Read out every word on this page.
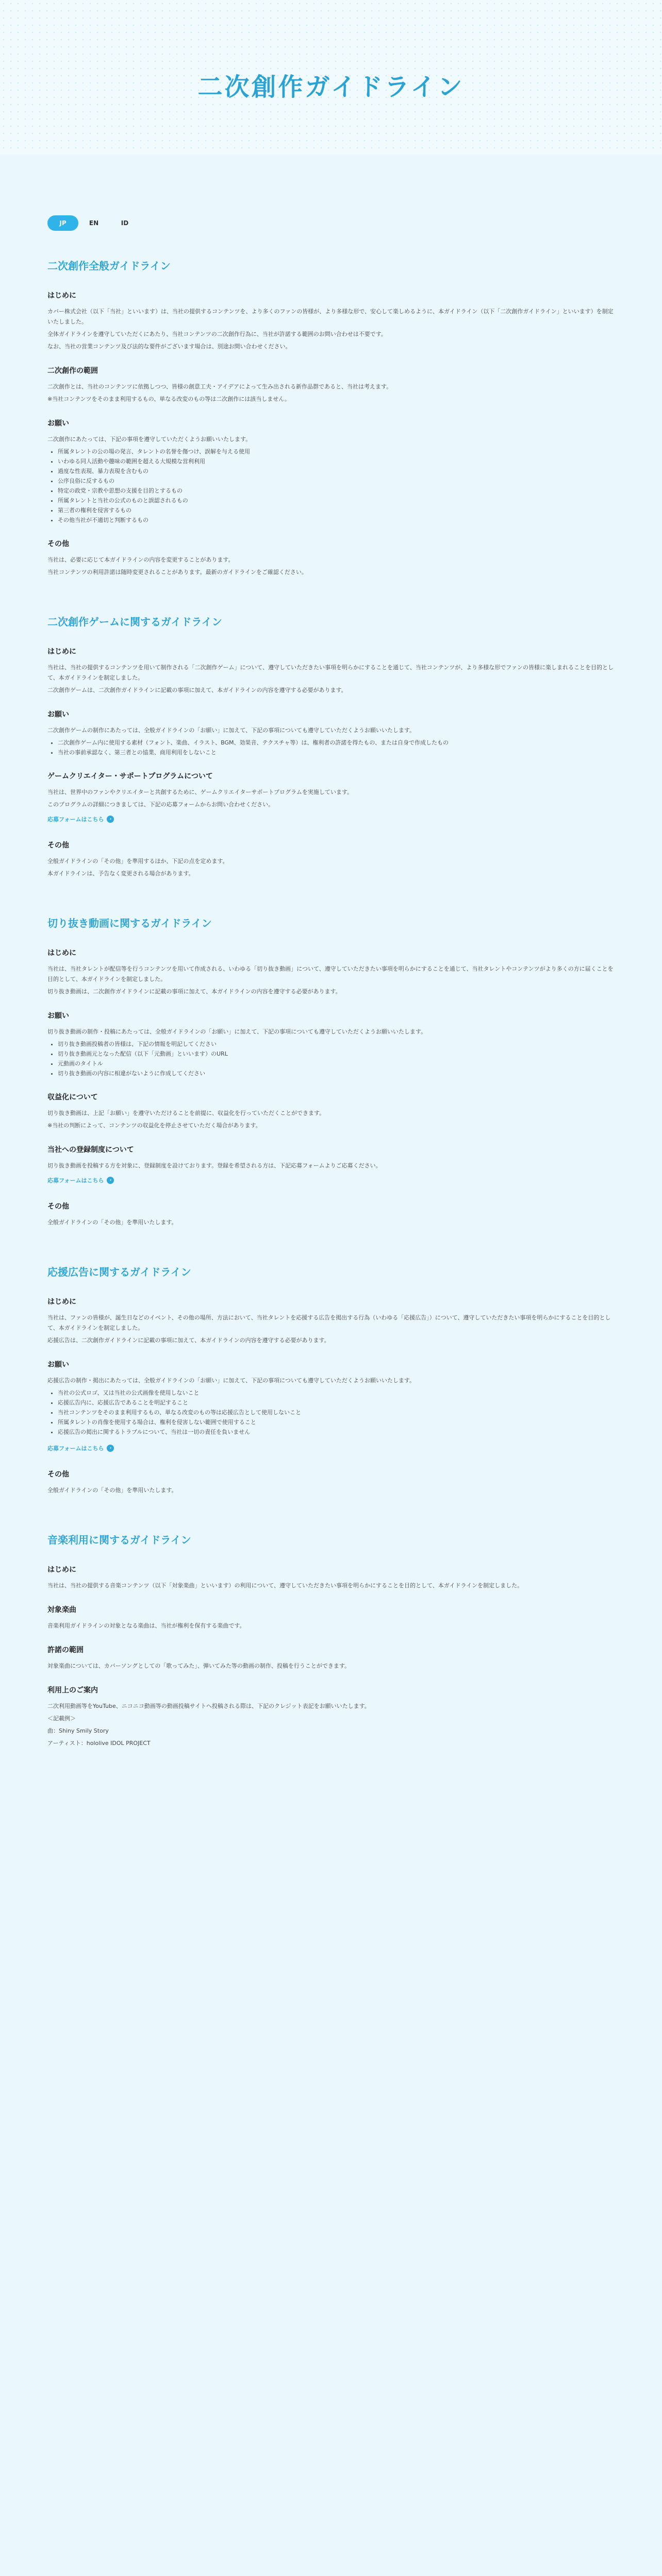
二次創作ガイドライン
JP	EN	ID
二次創作全般ガイドライン
はじめに
カバー株式会社（以下「当社」といいます）は、当社の提供するコンテンツを、より多くのファンの皆様が、より多様な形で、安心して楽しめるように、本ガイドライン（以下「二次創作ガイドライン」といいます）を制定いたしました。
全体ガイドラインを遵守していただくにあたり、当社コンテンツの二次創作行為に、当社が許諾する範囲のお問い合わせは不要です。
なお、当社の営業コンテンツ及び法的な要件がございます場合は、別途お問い合わせください。
二次創作の範囲
二次創作とは、当社のコンテンツに依拠しつつ、皆様の創意工夫・アイデアによって生み出される新作品群であると、当社は考えます。
※当社コンテンツをそのまま利用するもの、単なる改変のもの等は二次創作には該当しません。
お願い
二次創作にあたっては、下記の事項を遵守していただくようお願いいたします。
• 所属タレントの公の場の発言、タレントの名誉を傷つけ、誤解を与える使用
• いわゆる同人活動や趣味の範囲を超える大規模な営利利用
• 過度な性表現、暴力表現を含むもの
• 公序良俗に反するもの
• 特定の政党・宗教や思想の支援を目的とするもの
• 所属タレントと当社の公式のものと誤認されるもの
• 第三者の権利を侵害するもの
• その他当社が不適切と判断するもの
その他
当社は、必要に応じて本ガイドラインの内容を変更することがあります。
当社コンテンツの利用許諾は随時変更されることがあります。最新のガイドラインをご確認ください。
二次創作ゲームに関するガイドライン
はじめに
当社は、当社の提供するコンテンツを用いて制作される「二次創作ゲーム」について、遵守していただきたい事項を明らかにすることを通じて、当社コンテンツが、より多様な形でファンの皆様に楽しまれることを目的として、本ガイドラインを制定しました。
二次創作ゲームは、二次創作ガイドラインに記載の事項に加えて、本ガイドラインの内容を遵守する必要があります。
お願い
二次創作ゲームの制作にあたっては、全般ガイドラインの「お願い」に加えて、下記の事項についても遵守していただくようお願いいたします。
• 二次創作ゲーム内に使用する素材（フォント、楽曲、イラスト、BGM、効果音、テクスチャ等）は、権利者の許諾を得たもの、または自身で作成したもの
• 当社の事前承認なく、第三者との協業、商用利用をしないこと
ゲームクリエイター・サポートプログラムについて
当社は、世界中のファンやクリエイターと共創するために、ゲームクリエイターサポートプログラムを実施しています。
このプログラムの詳細につきましては、下記の応募フォームからお問い合わせください。
応募フォームはこちら	›
その他
全般ガイドラインの「その他」を準用するほか、下記の点を定めます。
本ガイドラインは、予告なく変更される場合があります。
切り抜き動画に関するガイドライン
はじめに
当社は、当社タレントが配信等を行うコンテンツを用いて作成される、いわゆる「切り抜き動画」について、遵守していただきたい事項を明らかにすることを通じて、当社タレントやコンテンツがより多くの方に届くことを目的として、本ガイドラインを制定しました。
切り抜き動画は、二次創作ガイドラインに記載の事項に加えて、本ガイドラインの内容を遵守する必要があります。
お願い
切り抜き動画の制作・投稿にあたっては、全般ガイドラインの「お願い」に加えて、下記の事項についても遵守していただくようお願いいたします。
• 切り抜き動画投稿者の皆様は、下記の情報を明記してください
• 切り抜き動画元となった配信（以下「元動画」といいます）のURL
• 元動画のタイトル
• 切り抜き動画の内容に相違がないように作成してください
収益化について
切り抜き動画は、上記「お願い」を遵守いただけることを前提に、収益化を行っていただくことができます。
※当社の判断によって、コンテンツの収益化を停止させていただく場合があります。
当社への登録制度について
切り抜き動画を投稿する方を対象に、登録制度を設けております。登録を希望される方は、下記応募フォームよりご応募ください。
応募フォームはこちら	›
その他
全般ガイドラインの「その他」を準用いたします。
応援広告に関するガイドライン
はじめに
当社は、ファンの皆様が、誕生日などのイベント、その他の場所、方法において、当社タレントを応援する広告を掲出する行為（いわゆる「応援広告」）について、遵守していただきたい事項を明らかにすることを目的として、本ガイドラインを制定しました。
応援広告は、二次創作ガイドラインに記載の事項に加えて、本ガイドラインの内容を遵守する必要があります。
お願い
応援広告の制作・掲出にあたっては、全般ガイドラインの「お願い」に加えて、下記の事項についても遵守していただくようお願いいたします。
• 当社の公式ロゴ、又は当社の公式画像を使用しないこと
• 応援広告内に、応援広告であることを明記すること
• 当社コンテンツをそのまま利用するもの、単なる改変のもの等は応援広告として使用しないこと
• 所属タレントの肖像を使用する場合は、権利を侵害しない範囲で使用すること
• 応援広告の掲出に関するトラブルについて、当社は一切の責任を負いません
応募フォームはこちら	›
その他
全般ガイドラインの「その他」を準用いたします。
音楽利用に関するガイドライン
はじめに
当社は、当社の提供する音楽コンテンツ（以下「対象楽曲」といいます）の利用について、遵守していただきたい事項を明らかにすることを目的として、本ガイドラインを制定しました。
対象楽曲
音楽利用ガイドラインの対象となる楽曲は、当社が権利を保有する楽曲です。
許諾の範囲
対象楽曲については、カバーソングとしての「歌ってみた」、弾いてみた等の動画の制作、投稿を行うことができます。
利用上のご案内
二次利用動画等をYouTube、ニコニコ動画等の動画投稿サイトへ投稿される際は、下記のクレジット表記をお願いいたします。
＜記載例＞
曲：Shiny Smily Story
アーティスト：hololive IDOL PROJECT
